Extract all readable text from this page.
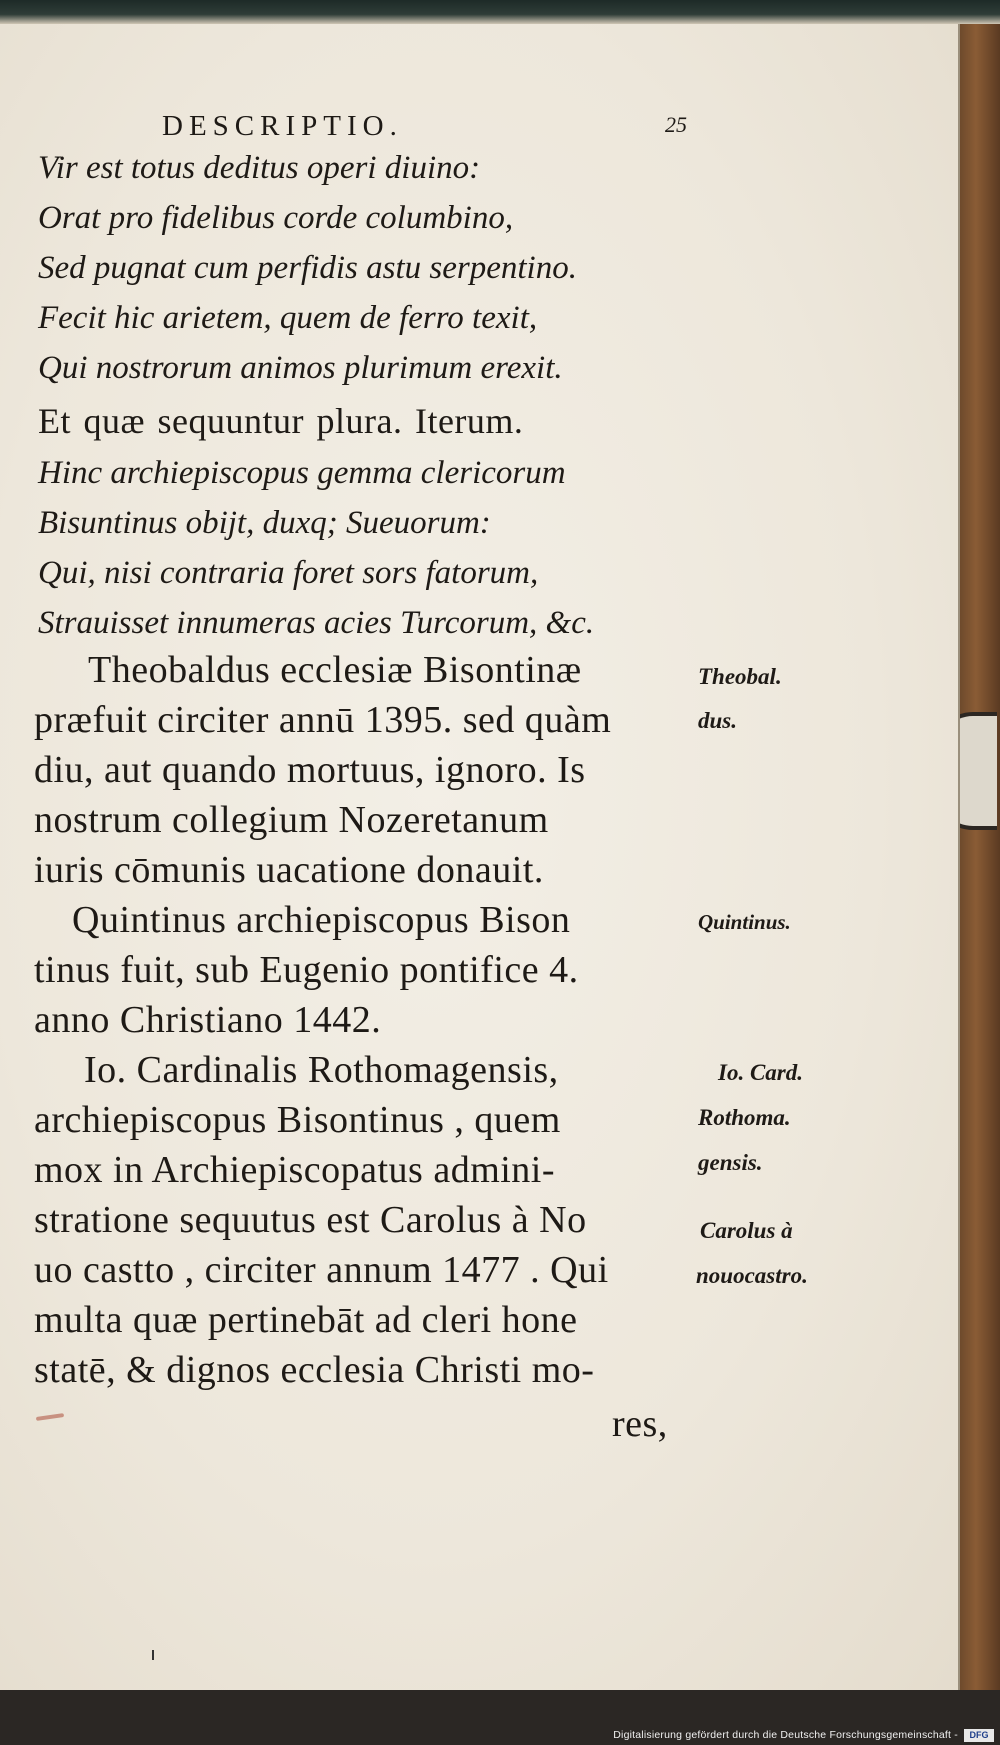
DESCRIPTIO.	25
Vir est totus deditus operi diuino:
Orat pro fidelibus corde columbino,
Sed pugnat cum perfidis astu serpentino.
Fecit hic arietem, quem de ferro texit,
Qui nostrorum animos plurimum erexit.
Et quæ sequuntur plura. Iterum.
Hinc archiepiscopus gemma clericorum
Bisuntinus obijt, duxq; Sueuorum:
Qui, nisi contraria foret sors fatorum,
Strauisset innumeras acies Turcorum, &c.
Theobaldus ecclesiæ Bisontinæ
præfuit circiter annū 1395. sed quàm
diu, aut quando mortuus, ignoro. Is
nostrum collegium Nozeretanum
iuris cōmunis uacatione donauit.
Quintinus archiepiscopus Bison
tinus fuit, sub Eugenio pontifice 4.
anno Christiano 1442.
Io. Cardinalis Rothomagensis,
archiepiscopus Bisontinus , quem
mox in Archiepiscopatus admini-
stratione sequutus est Carolus à No
uo castto , circiter annum 1477 . Qui
multa quæ pertinebāt ad cleri hone
statē, & dignos ecclesia Christi mo-
res,
Theobal.
dus.
Quintinus.
Io. Card.
Rothoma.
gensis.
Carolus à
nouocastro.
Digitalisierung gefördert durch die Deutsche Forschungsgemeinschaft -	DFG
